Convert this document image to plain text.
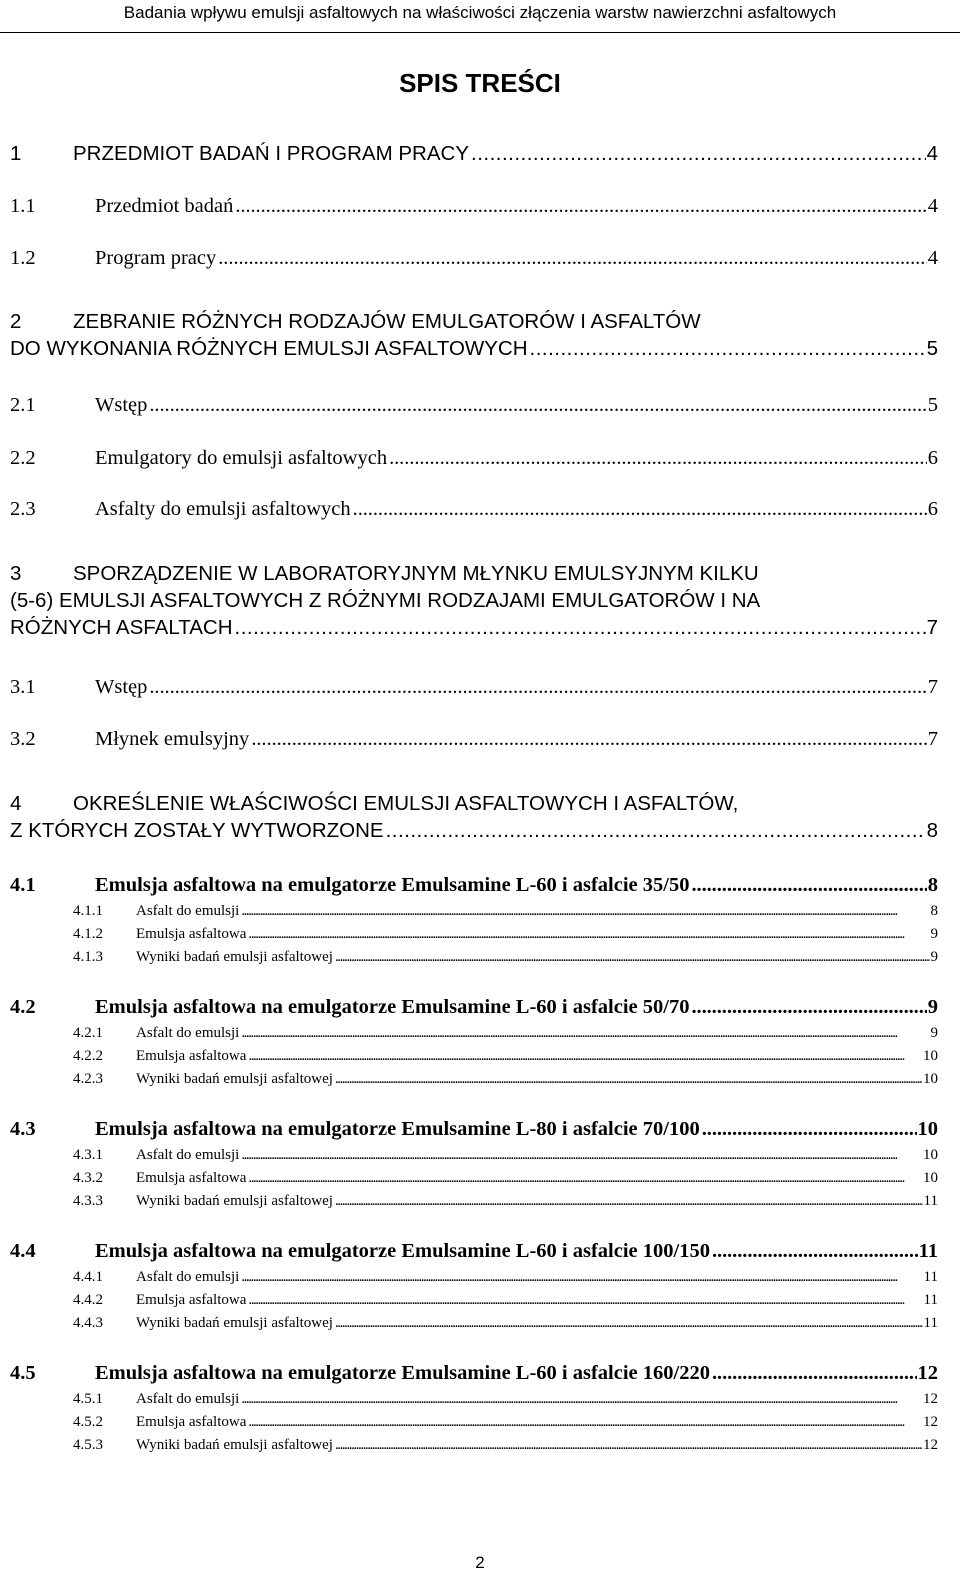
Badania wpływu emulsji asfaltowych na właściwości złączenia warstw nawierzchni asfaltowych
SPIS TREŚCI
1	PRZEDMIOT BADAŃ I PROGRAM PRACY . . .	4
1.1	Przedmiot badań . . .	4
1.2	Program pracy . . .	4
2	ZEBRANIE RÓŻNYCH RODZAJÓW EMULGATORÓW I ASFALTÓW
DO WYKONANIA RÓŻNYCH EMULSJI ASFALTOWYCH . . .	5
2.1	Wstęp . . .	5
2.2	Emulgatory do emulsji asfaltowych . . .	6
2.3	Asfalty do emulsji asfaltowych . . .	6
3	SPORZĄDZENIE W LABORATORYJNYM MŁYNKU EMULSYJNYM KILKU
(5-6) EMULSJI ASFALTOWYCH Z RÓŻNYMI RODZAJAMI EMULGATORÓW I NA
RÓŻNYCH ASFALTACH . . .	7
3.1	Wstęp . . .	7
3.2	Młynek emulsyjny . . .	7
4	OKREŚLENIE WŁAŚCIWOŚCI EMULSJI ASFALTOWYCH I ASFALTÓW,
Z KTÓRYCH ZOSTAŁY WYTWORZONE . . .	8
4.1	Emulsja asfaltowa na emulgatorze Emulsamine L-60 i asfalcie 35/50 . . .	8
4.1.1 Asfalt do emulsji . . .	8
4.1.2 Emulsja asfaltowa . . .	9
4.1.3 Wyniki badań emulsji asfaltowej . . .	9
4.2	Emulsja asfaltowa na emulgatorze Emulsamine L-60 i asfalcie 50/70 . . .	9
4.2.1 Asfalt do emulsji . . .	9
4.2.2 Emulsja asfaltowa . . .	10
4.2.3 Wyniki badań emulsji asfaltowej . . .	10
4.3	Emulsja asfaltowa na emulgatorze Emulsamine L-80 i asfalcie 70/100 . . .	10
4.3.1 Asfalt do emulsji . . .	10
4.3.2 Emulsja asfaltowa . . .	10
4.3.3 Wyniki badań emulsji asfaltowej . . .	11
4.4	Emulsja asfaltowa na emulgatorze Emulsamine L-60 i asfalcie 100/150 . . .	11
4.4.1 Asfalt do emulsji . . .	11
4.4.2 Emulsja asfaltowa . . .	11
4.4.3 Wyniki badań emulsji asfaltowej . . .	11
4.5	Emulsja asfaltowa na emulgatorze Emulsamine L-60 i asfalcie 160/220 . . .	12
4.5.1 Asfalt do emulsji . . .	12
4.5.2 Emulsja asfaltowa . . .	12
4.5.3 Wyniki badań emulsji asfaltowej . . .	12
2
